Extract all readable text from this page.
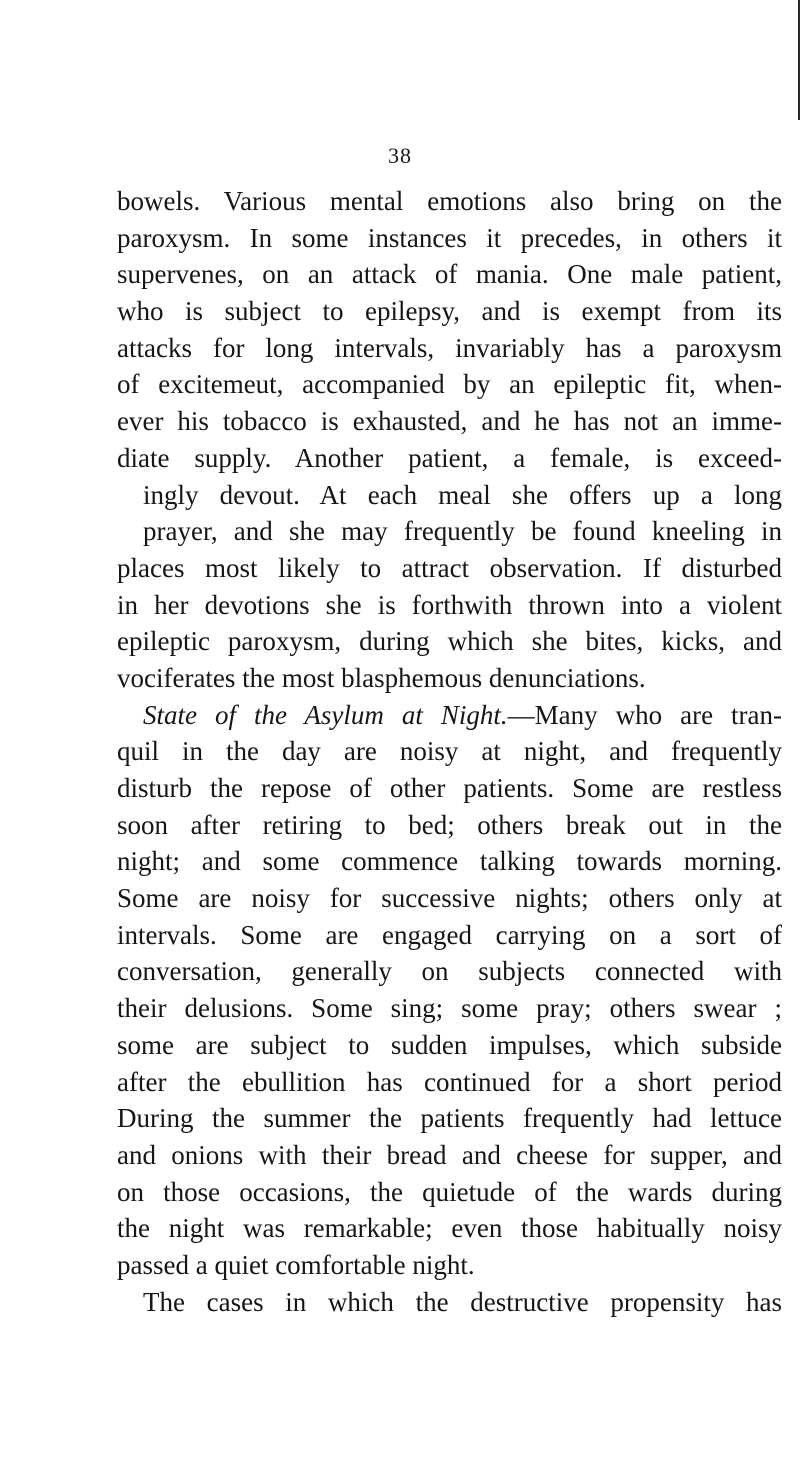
38
bowels. Various mental emotions also bring on the
paroxysm. In some instances it precedes, in others it
supervenes, on an attack of mania. One male patient,
who is subject to epilepsy, and is exempt from its
attacks for long intervals, invariably has a paroxysm
of excitemeut, accompanied by an epileptic fit, when-
ever his tobacco is exhausted, and he has not an imme-
diate supply. Another patient, a female, is exceed-
ingly devout. At each meal she offers up a long
prayer, and she may frequently be found kneeling in
places most likely to attract observation. If disturbed
in her devotions she is forthwith thrown into a violent
epileptic paroxysm, during which she bites, kicks, and
vociferates the most blasphemous denunciations.
State of the Asylum at Night.—Many who are tran-
quil in the day are noisy at night, and frequently
disturb the repose of other patients. Some are restless
soon after retiring to bed; others break out in the
night; and some commence talking towards morning.
Some are noisy for successive nights; others only at
intervals. Some are engaged carrying on a sort of
conversation, generally on subjects connected with
their delusions. Some sing; some pray; others swear ;
some are subject to sudden impulses, which subside
after the ebullition has continued for a short period
During the summer the patients frequently had lettuce
and onions with their bread and cheese for supper, and
on those occasions, the quietude of the wards during
the night was remarkable; even those habitually noisy
passed a quiet comfortable night.
The cases in which the destructive propensity has
